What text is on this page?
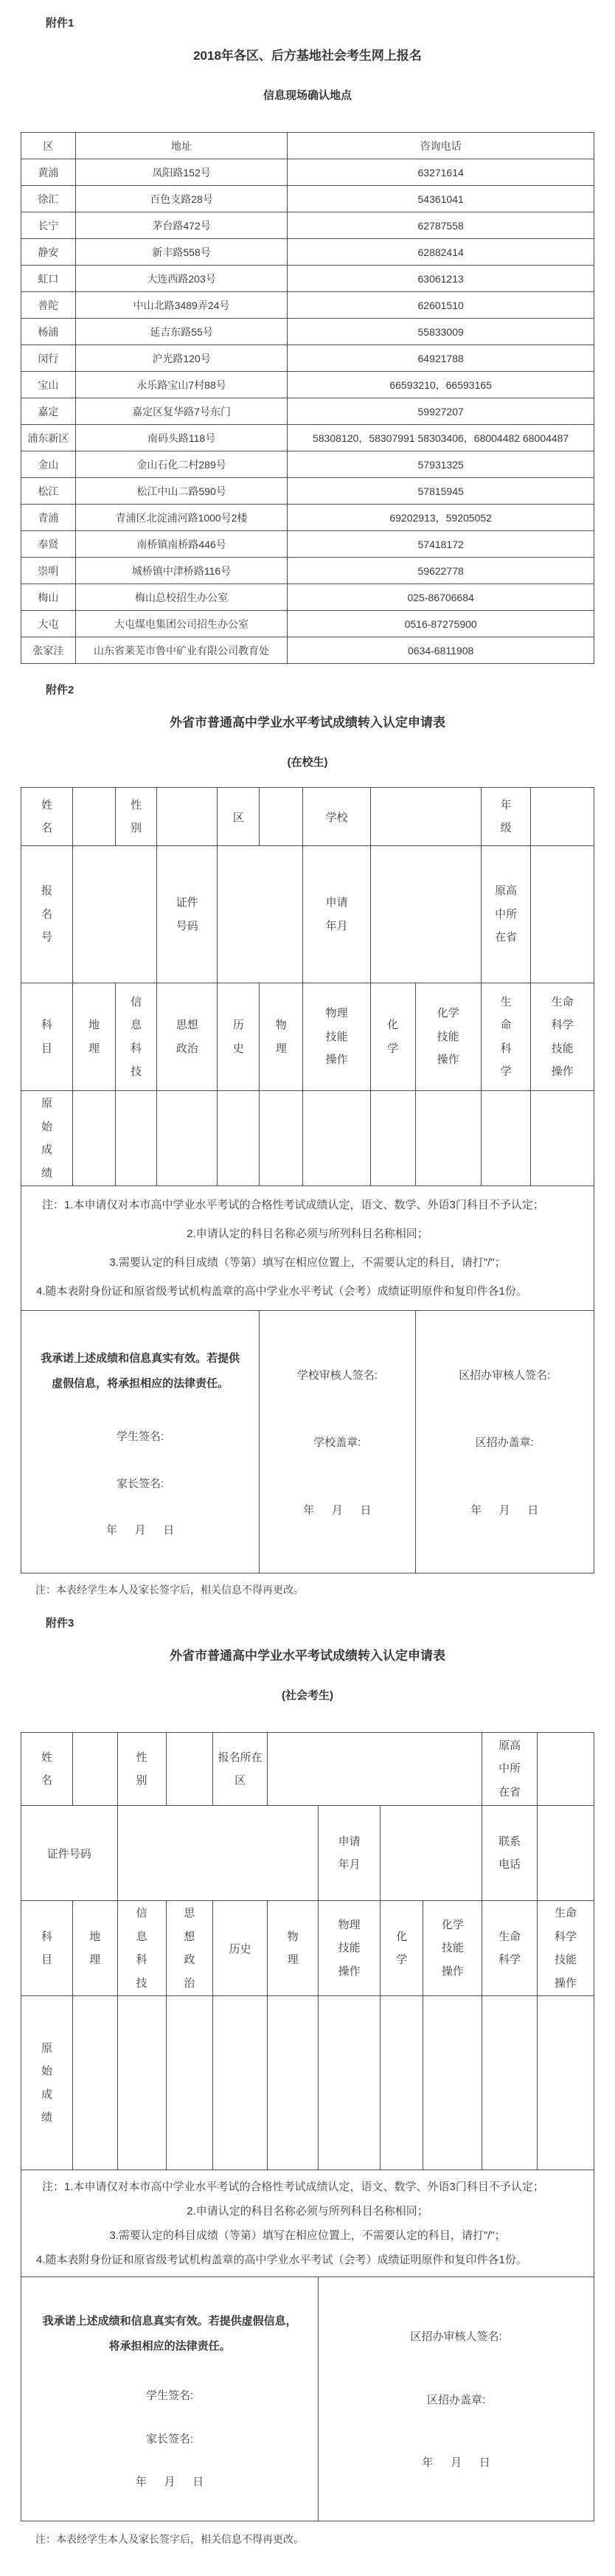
附件1
2018年各区、后方基地社会考生网上报名
信息现场确认地点
区	地址	咨询电话
黄浦	凤阳路152号	63271614
徐汇	百色支路28号	54361041
长宁	茅台路472号	62787558
静安	新丰路558号	62882414
虹口	大连西路203号	63061213
普陀	中山北路3489弄24号	62601510
杨浦	延吉东路55号	55833009
闵行	沪光路120号	64921788
宝山	永乐路宝山7村88号	66593210，66593165
嘉定	嘉定区复华路7号东门	59927207
浦东新区	南码头路118号	58308120，58307991 58303406，68004482 68004487
金山	金山石化二村289号	57931325
松江	松江中山二路590号	57815945
青浦	青浦区北淀浦河路1000号2楼	69202913，59205052
奉贤	南桥镇南桥路446号	57418172
崇明	城桥镇中津桥路116号	59622778
梅山	梅山总校招生办公室	025-86706684
大屯	大屯煤电集团公司招生办公室	0516-87275900
张家洼	山东省莱芜市鲁中矿业有限公司教育处	0634-6811908
附件2
外省市普通高中学业水平考试成绩转入认定申请表
(在校生)
姓名		性别		区		学校			年级	
报名号			证件号码			申请年月			原高中所在省	
科目	地理	信息科技	思想政治	历史	物理	物理技能操作	化学	化学技能操作	生命科学	生命科学技能操作
原始成绩										

注：1.本申请仅对本市高中学业水平考试的合格性考试成绩认定，语文、数学、外语3门科目不予认定；
2.申请认定的科目名称必须与所列科目名称相同；
3.需要认定的科目成绩（等第）填写在相应位置上，不需要认定的科目，请打"/"；
4.随本表附身份证和原省级考试机构盖章的高中学业水平考试（会考）成绩证明原件和复印件各1份。										

我承诺上述成绩和信息真实有效。若提供虚假信息，将承担相应的法律责任。
学生签名:
家长签名:
年 月 日

学校审核人签名:
学校盖章:
年 月 日

区招办审核人签名:
区招办盖章:
年 月 日
注：本表经学生本人及家长签字后，相关信息不得再更改。
附件3
外省市普通高中学业水平考试成绩转入认定申请表
(社会考生)
姓名		性别		报名所在区					原高中所在省	
证件号码						申请年月			联系电话	
科目	地理	信息科技	思想政治	历史	物理	物理技能操作	化学	化学技能操作	生命科学	生命科学技能操作
原始成绩										

注：1.本申请仅对本市高中学业水平考试的合格性考试成绩认定，语文、数学、外语3门科目不予认定；
2.申请认定的科目名称必须与所列科目名称相同；
3.需要认定的科目成绩（等第）填写在相应位置上，不需要认定的科目，请打"/"；
4.随本表附身份证和原省级考试机构盖章的高中学业水平考试（会考）成绩证明原件和复印件各1份。										

我承诺上述成绩和信息真实有效。若提供虚假信息，将承担相应的法律责任。
学生签名:
家长签名:
年 月 日

区招办审核人签名:
区招办盖章:
年 月 日
注：本表经学生本人及家长签字后，相关信息不得再更改。
